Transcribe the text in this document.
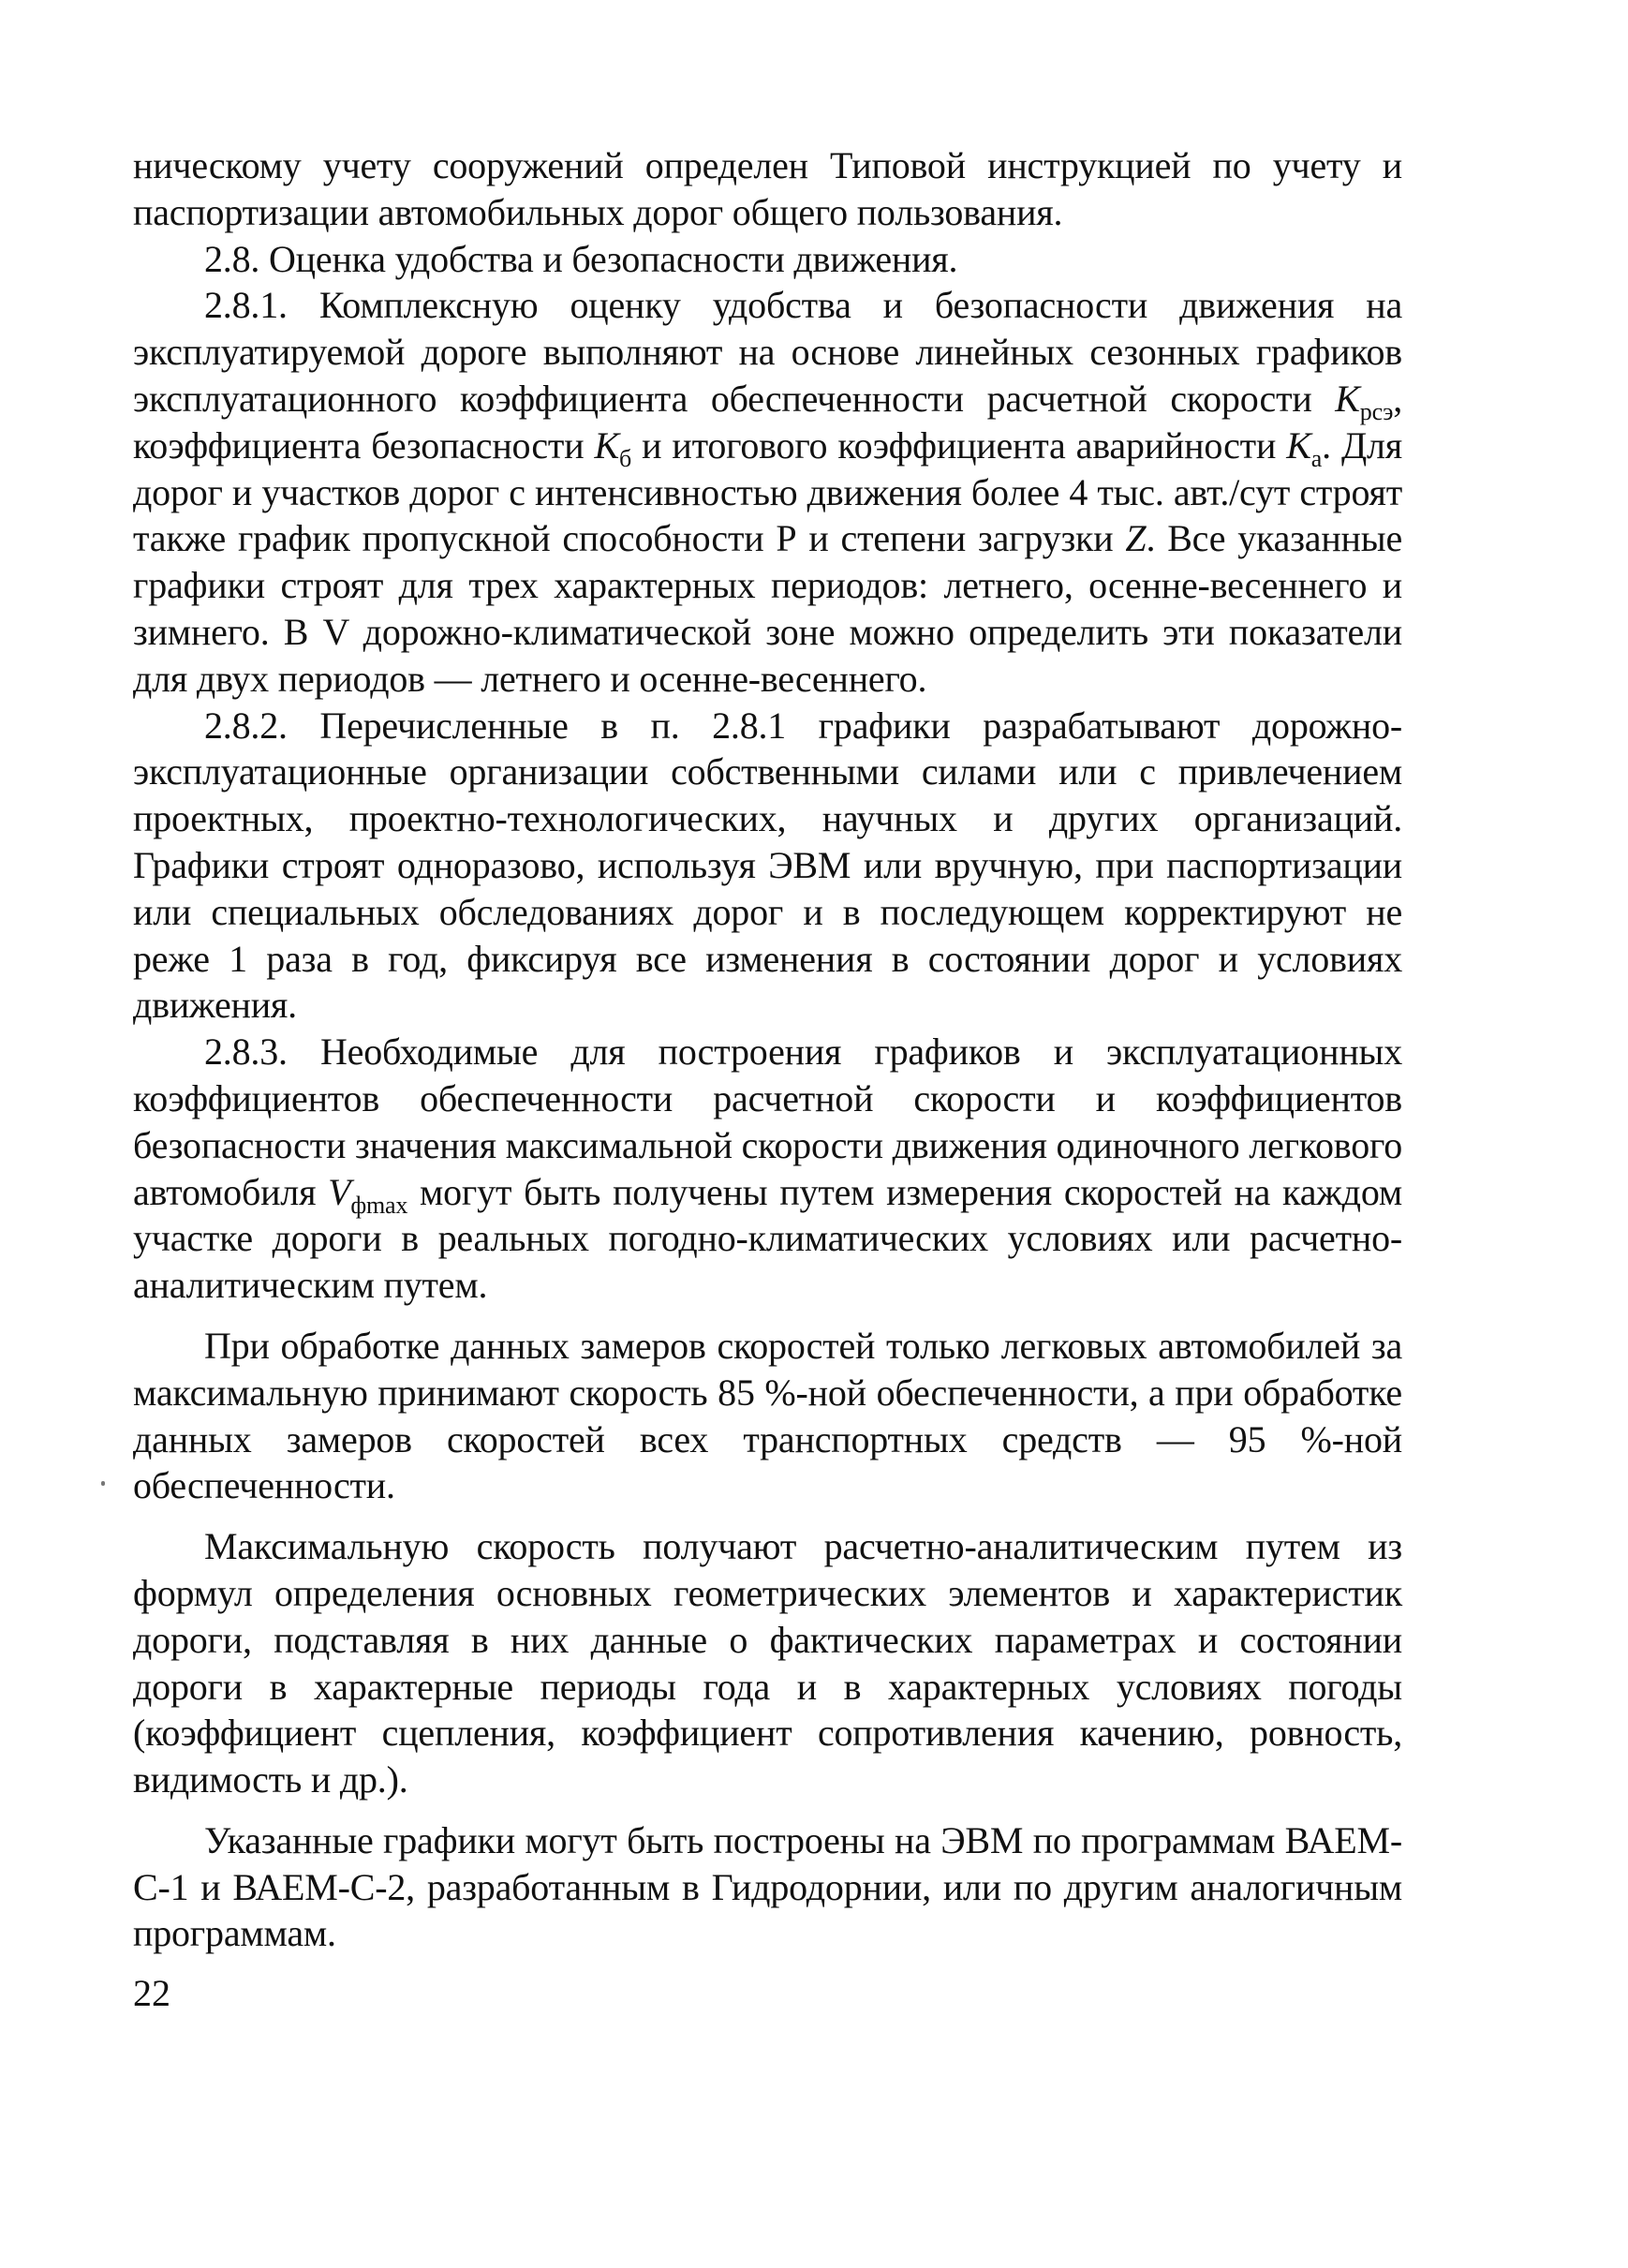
ническому учету сооружений определен Типовой инструкцией по учету и паспортизации автомобильных дорог общего пользования.

2.8. Оценка удобства и безопасности движения.

2.8.1. Комплексную оценку удобства и безопасности движения на эксплуатируемой дороге выполняют на основе линейных сезонных графиков эксплуатационного коэффициента обеспеченности расчетной скорости $K_{рсэ}$, коэффициента безопасности $K_б$ и итогового коэффициента аварийности $K_а$. Для дорог и участков дорог с интенсивностью движения более 4 тыс. авт./сут строят также график пропускной способности Р и степени загрузки Z. Все указанные графики строят для трех характерных периодов: летнего, осенне-весеннего и зимнего. В V дорожно-климатической зоне можно определить эти показатели для двух периодов — летнего и осенне-весеннего.

2.8.2. Перечисленные в п. 2.8.1 графики разрабатывают дорожно-эксплуатационные организации собственными силами или с привлечением проектных, проектно-технологических, научных и других организаций. Графики строят одноразово, используя ЭВМ или вручную, при паспортизации или специальных обследованиях дорог и в последующем корректируют не реже 1 раза в год, фиксируя все изменения в состоянии дорог и условиях движения.

2.8.3. Необходимые для построения графиков и эксплуатационных коэффициентов обеспеченности расчетной скорости и коэффициентов безопасности значения максимальной скорости движения одиночного легкового автомобиля $V_{фmax}$ могут быть получены путем измерения скоростей на каждом участке дороги в реальных погодно-климатических условиях или расчетно-аналитическим путем.

При обработке данных замеров скоростей только легковых автомобилей за максимальную принимают скорость 85 %-ной обеспеченности, а при обработке данных замеров скоростей всех транспортных средств — 95 %-ной обеспеченности.

Максимальную скорость получают расчетно-аналитическим путем из формул определения основных геометрических элементов и характеристик дороги, подставляя в них данные о фактических параметрах и состоянии дороги в характерные периоды года и в характерных условиях погоды (коэффициент сцепления, коэффициент сопротивления качению, ровность, видимость и др.).

Указанные графики могут быть построены на ЭВМ по программам ВАЕМ-С-1 и ВАЕМ-С-2, разработанным в Гидродорнии, или по другим аналогичным программам.

22
